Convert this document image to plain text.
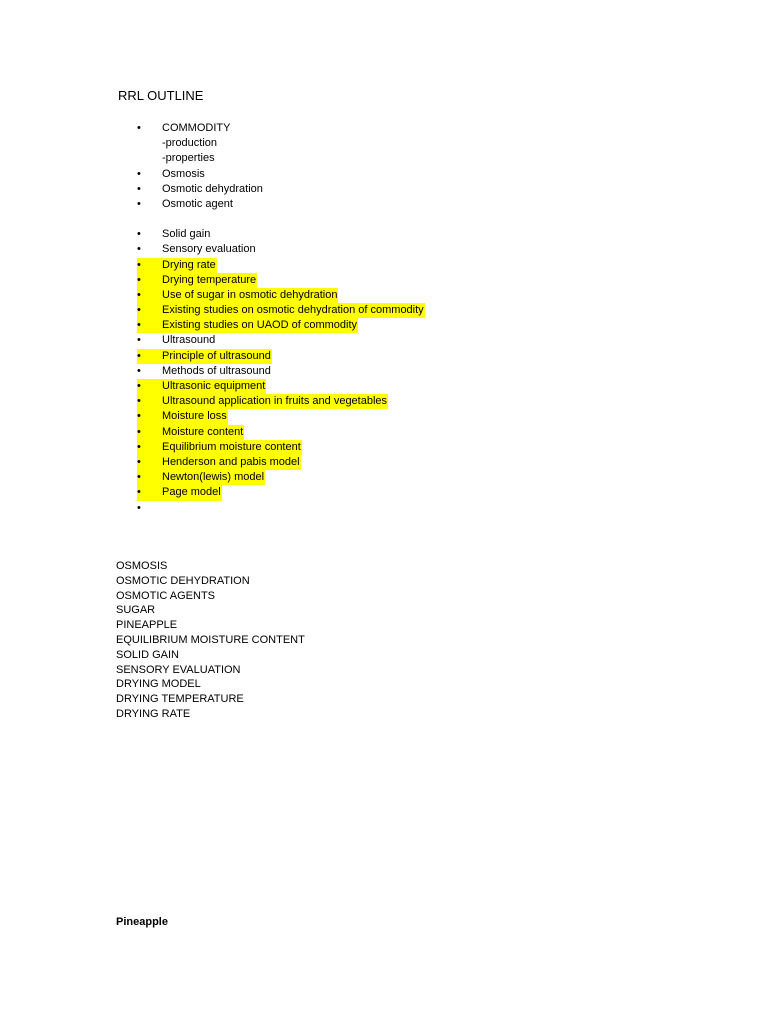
RRL OUTLINE
•	COMMODITY
-production
-properties
•	Osmosis
•	Osmotic dehydration
•	Osmotic agent
•	Solid gain
•	Sensory evaluation
•	Drying rate
•	Drying temperature
•	Use of sugar in osmotic dehydration
•	Existing studies on osmotic dehydration of commodity
•	Existing studies on UAOD of commodity
•	Ultrasound
•	Principle of ultrasound
•	Methods of ultrasound
•	Ultrasonic equipment
•	Ultrasound application in fruits and vegetables
•	Moisture loss
•	Moisture content
•	Equilibrium moisture content
•	Henderson and pabis model
•	Newton(lewis) model
•	Page model
•
OSMOSIS
OSMOTIC DEHYDRATION
OSMOTIC AGENTS
SUGAR
PINEAPPLE
EQUILIBRIUM MOISTURE CONTENT
SOLID GAIN
SENSORY EVALUATION
DRYING MODEL
DRYING TEMPERATURE
DRYING RATE
Pineapple
